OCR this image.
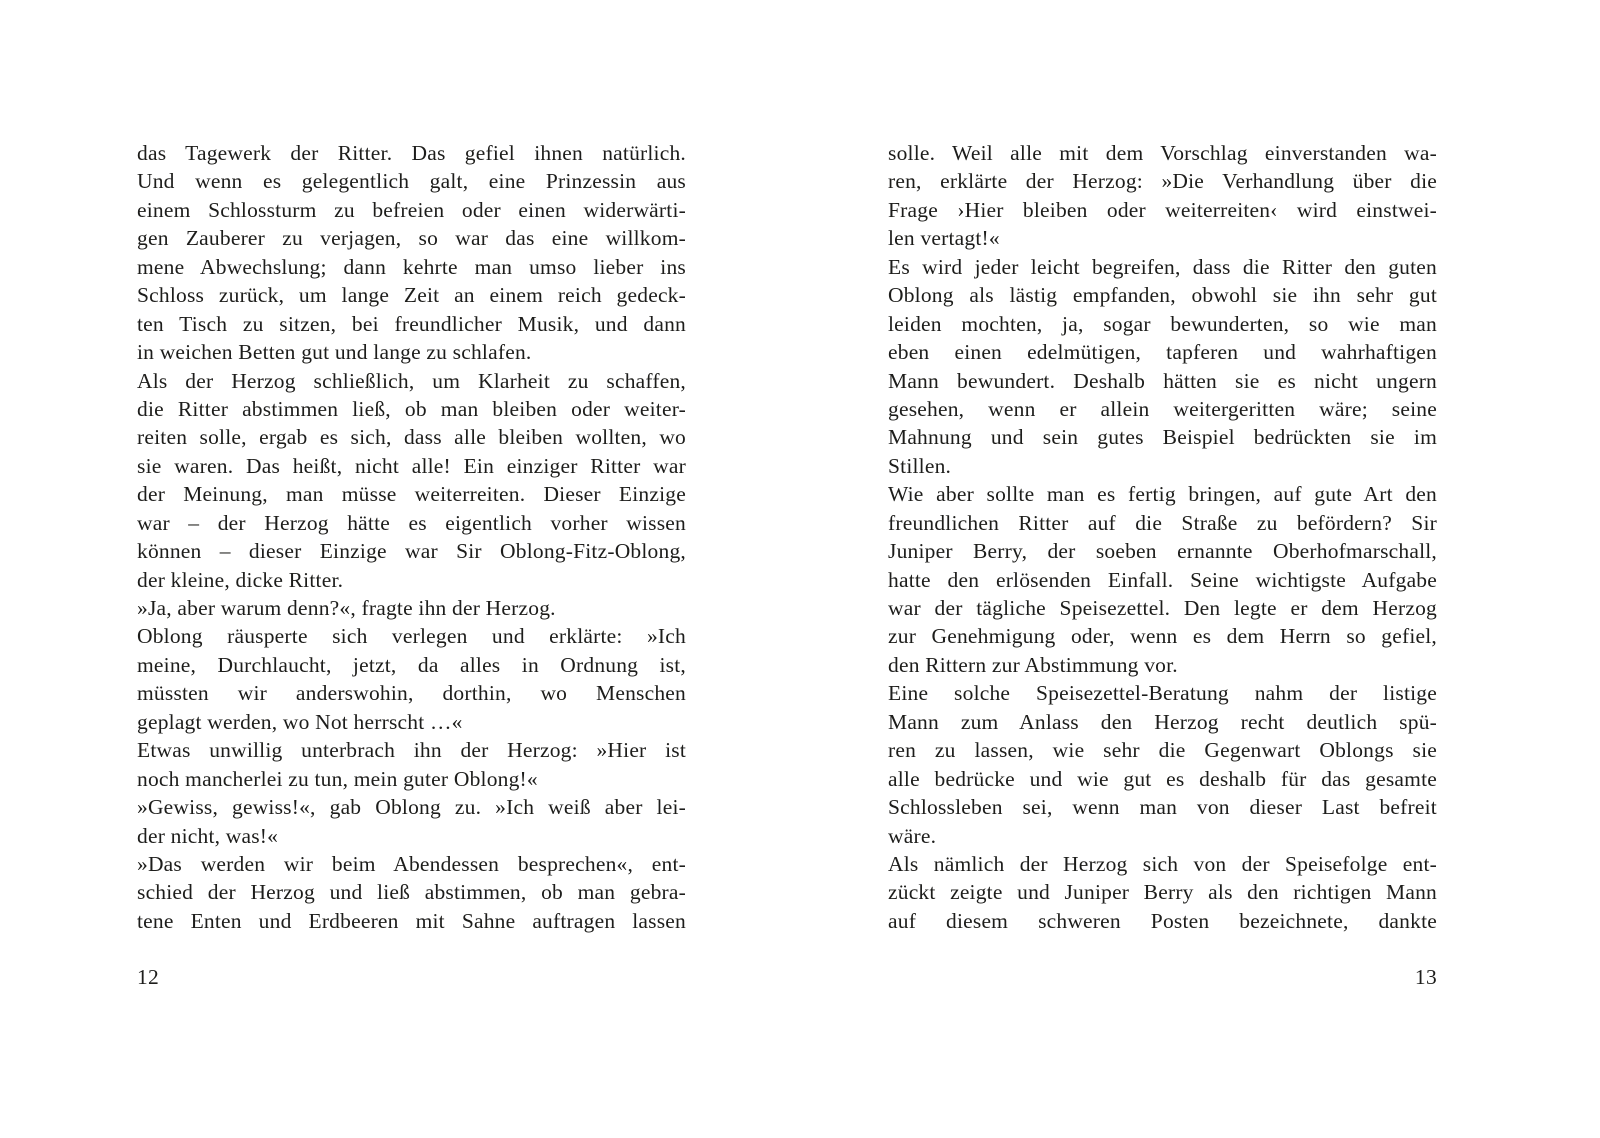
das Tagewerk der Ritter. Das gefiel ihnen natürlich.
Und wenn es gelegentlich galt, eine Prinzessin aus
einem Schlossturm zu befreien oder einen widerwärti-
gen Zauberer zu verjagen, so war das eine willkom-
mene Abwechslung; dann kehrte man umso lieber ins
Schloss zurück, um lange Zeit an einem reich gedeck-
ten Tisch zu sitzen, bei freundlicher Musik, und dann
in weichen Betten gut und lange zu schlafen.
Als der Herzog schließlich, um Klarheit zu schaffen,
die Ritter abstimmen ließ, ob man bleiben oder weiter-
reiten solle, ergab es sich, dass alle bleiben wollten, wo
sie waren. Das heißt, nicht alle! Ein einziger Ritter war
der Meinung, man müsse weiterreiten. Dieser Einzige
war – der Herzog hätte es eigentlich vorher wissen
können – dieser Einzige war Sir Oblong-Fitz-Oblong,
der kleine, dicke Ritter.
»Ja, aber warum denn?«, fragte ihn der Herzog.
Oblong räusperte sich verlegen und erklärte: »Ich
meine, Durchlaucht, jetzt, da alles in Ordnung ist,
müssten wir anderswohin, dorthin, wo Menschen
geplagt werden, wo Not herrscht …«
Etwas unwillig unterbrach ihn der Herzog: »Hier ist
noch mancherlei zu tun, mein guter Oblong!«
»Gewiss, gewiss!«, gab Oblong zu. »Ich weiß aber lei-
der nicht, was!«
»Das werden wir beim Abendessen besprechen«, ent-
schied der Herzog und ließ abstimmen, ob man gebra-
tene Enten und Erdbeeren mit Sahne auftragen lassen
12
solle. Weil alle mit dem Vorschlag einverstanden wa-
ren, erklärte der Herzog: »Die Verhandlung über die
Frage ›Hier bleiben oder weiterreiten‹ wird einstwei-
len vertagt!«
Es wird jeder leicht begreifen, dass die Ritter den guten
Oblong als lästig empfanden, obwohl sie ihn sehr gut
leiden mochten, ja, sogar bewunderten, so wie man
eben einen edelmütigen, tapferen und wahrhaftigen
Mann bewundert. Deshalb hätten sie es nicht ungern
gesehen, wenn er allein weitergeritten wäre; seine
Mahnung und sein gutes Beispiel bedrückten sie im
Stillen.
Wie aber sollte man es fertig bringen, auf gute Art den
freundlichen Ritter auf die Straße zu befördern? Sir
Juniper Berry, der soeben ernannte Oberhofmarschall,
hatte den erlösenden Einfall. Seine wichtigste Aufgabe
war der tägliche Speisezettel. Den legte er dem Herzog
zur Genehmigung oder, wenn es dem Herrn so gefiel,
den Rittern zur Abstimmung vor.
Eine solche Speisezettel-Beratung nahm der listige
Mann zum Anlass den Herzog recht deutlich spü-
ren zu lassen, wie sehr die Gegenwart Oblongs sie
alle bedrücke und wie gut es deshalb für das gesamte
Schlossleben sei, wenn man von dieser Last befreit
wäre.
Als nämlich der Herzog sich von der Speisefolge ent-
zückt zeigte und Juniper Berry als den richtigen Mann
auf diesem schweren Posten bezeichnete, dankte
13
